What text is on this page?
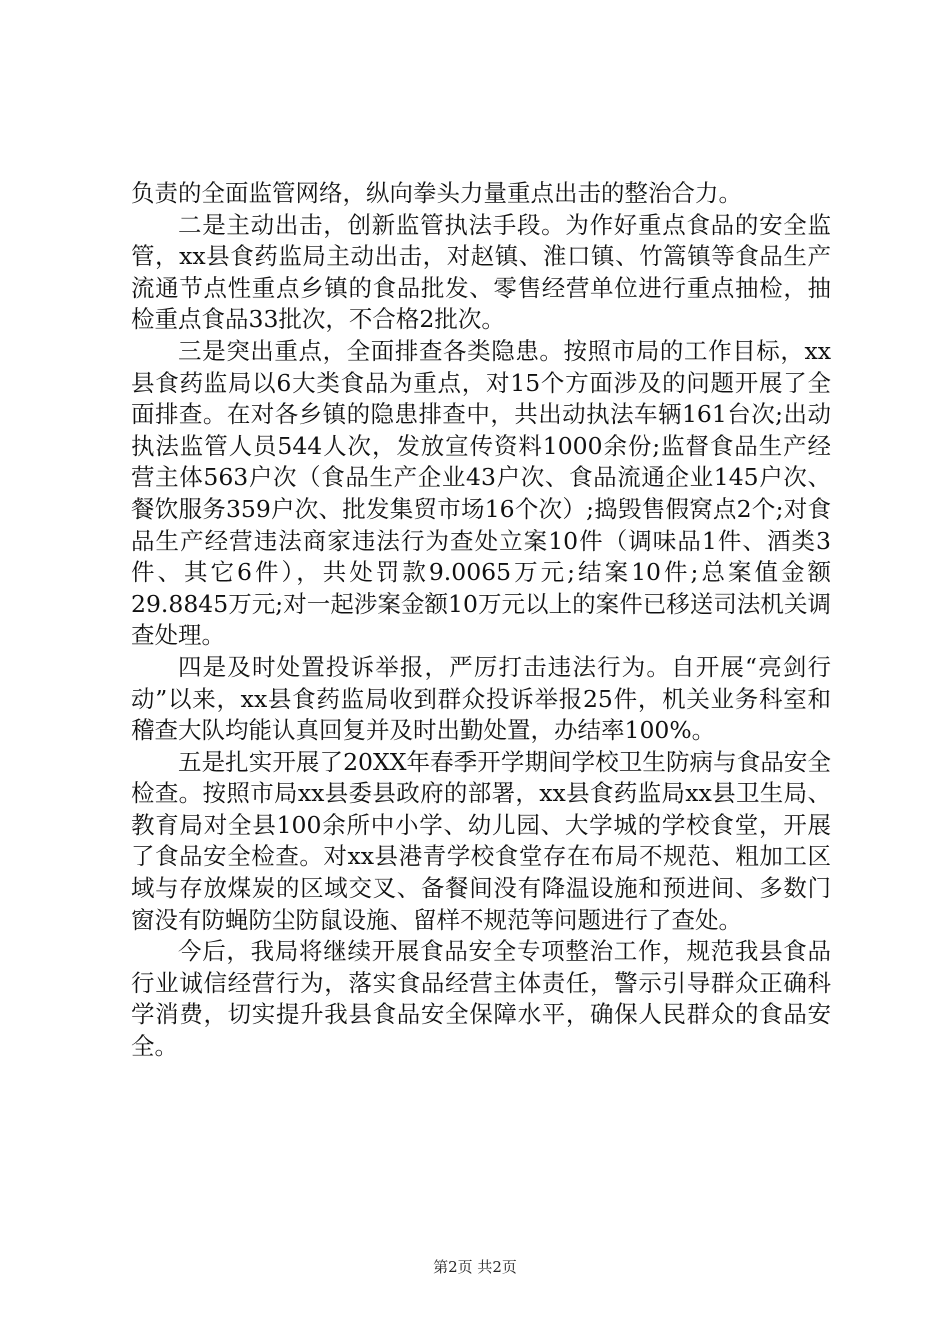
负责的全面监管网络，纵向拳头力量重点出击的整治合力。

二是主动出击，创新监管执法手段。为作好重点食品的安全监管，xx县食药监局主动出击，对赵镇、淮口镇、竹篙镇等食品生产流通节点性重点乡镇的食品批发、零售经营单位进行重点抽检，抽检重点食品33批次，不合格2批次。

三是突出重点，全面排查各类隐患。按照市局的工作目标，xx县食药监局以6大类食品为重点，对15个方面涉及的问题开展了全面排查。在对各乡镇的隐患排查中，共出动执法车辆161台次;出动执法监管人员544人次，发放宣传资料1000余份;监督食品生产经营主体563户次（食品生产企业43户次、食品流通企业145户次、餐饮服务359户次、批发集贸市场16个次）;捣毁售假窝点2个;对食品生产经营违法商家违法行为查处立案10件（调味品1件、酒类3件、其它6件），共处罚款9.0065万元;结案10件;总案值金额29.8845万元;对一起涉案金额10万元以上的案件已移送司法机关调查处理。

四是及时处置投诉举报，严厉打击违法行为。自开展“亮剑行动”以来，xx县食药监局收到群众投诉举报25件，机关业务科室和稽查大队均能认真回复并及时出勤处置，办结率100%。

五是扎实开展了20XX年春季开学期间学校卫生防病与食品安全检查。按照市局xx县委县政府的部署，xx县食药监局xx县卫生局、教育局对全县100余所中小学、幼儿园、大学城的学校食堂，开展了食品安全检查。对xx县港青学校食堂存在布局不规范、粗加工区域与存放煤炭的区域交叉、备餐间没有降温设施和预进间、多数门窗没有防蝇防尘防鼠设施、留样不规范等问题进行了查处。

今后，我局将继续开展食品安全专项整治工作，规范我县食品行业诚信经营行为，落实食品经营主体责任，警示引导群众正确科学消费，切实提升我县食品安全保障水平，确保人民群众的食品安全。

第2页 共2页
